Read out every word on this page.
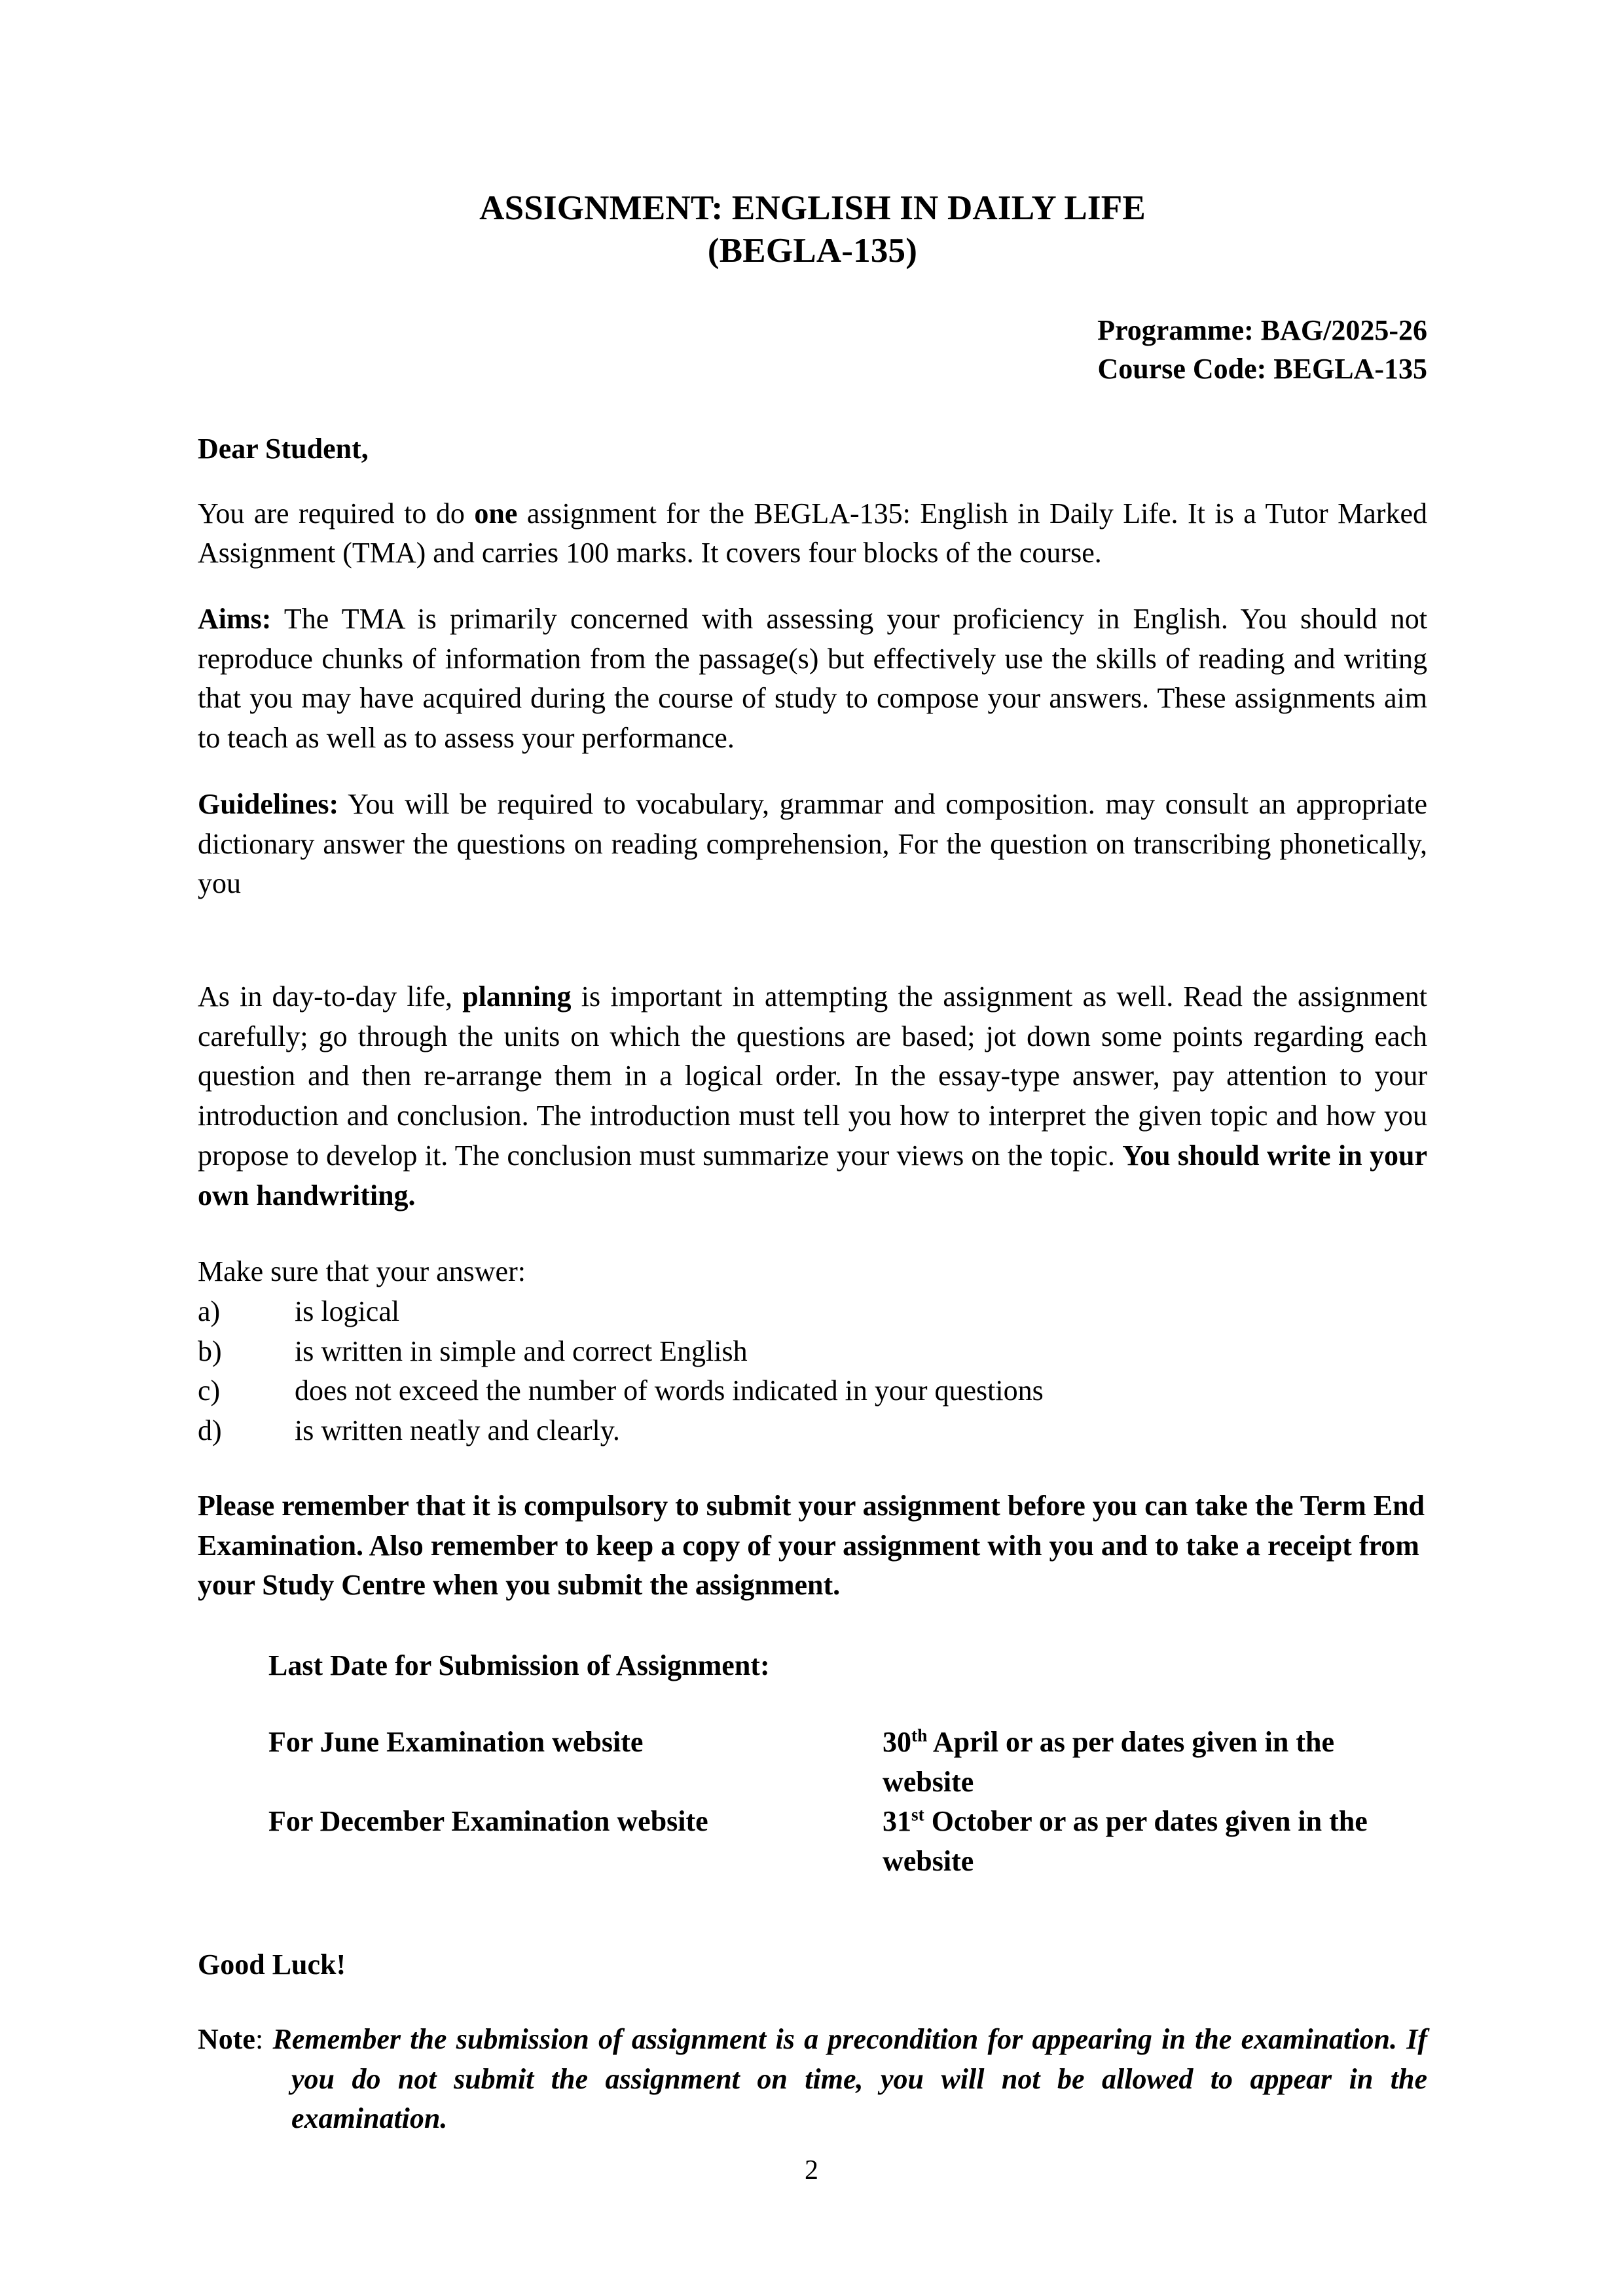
ASSIGNMENT: ENGLISH IN DAILY LIFE
(BEGLA-135)
Programme: BAG/2025-26
Course Code: BEGLA-135
Dear Student,

You are required to do one assignment for the BEGLA-135: English in Daily Life. It is a Tutor Marked Assignment (TMA) and carries 100 marks. It covers four blocks of the course.

Aims: The TMA is primarily concerned with assessing your proficiency in English. You should not reproduce chunks of information from the passage(s) but effectively use the skills of reading and writing that you may have acquired during the course of study to compose your answers. These assignments aim to teach as well as to assess your performance.

Guidelines: You will be required to vocabulary, grammar and composition. may consult an appropriate dictionary answer the questions on reading comprehension, For the question on transcribing phonetically, you

As in day-to-day life, planning is important in attempting the assignment as well. Read the assignment carefully; go through the units on which the questions are based; jot down some points regarding each question and then re-arrange them in a logical order. In the essay-type answer, pay attention to your introduction and conclusion. The introduction must tell you how to interpret the given topic and how you propose to develop it. The conclusion must summarize your views on the topic. You should write in your own handwriting.

Make sure that your answer:
a)	is logical
b)	is written in simple and correct English
c)	does not exceed the number of words indicated in your questions
d)	is written neatly and clearly.

Please remember that it is compulsory to submit your assignment before you can take the Term End Examination. Also remember to keep a copy of your assignment with you and to take a receipt from your Study Centre when you submit the assignment.

Last Date for Submission of Assignment:
For June Examination website	30th April or as per dates given in the website
For December Examination website	31st October or as per dates given in the website
Good Luck!

Note: Remember the submission of assignment is a precondition for appearing in the examination. If you do not submit the assignment on time, you will not be allowed to appear in the examination.

2
